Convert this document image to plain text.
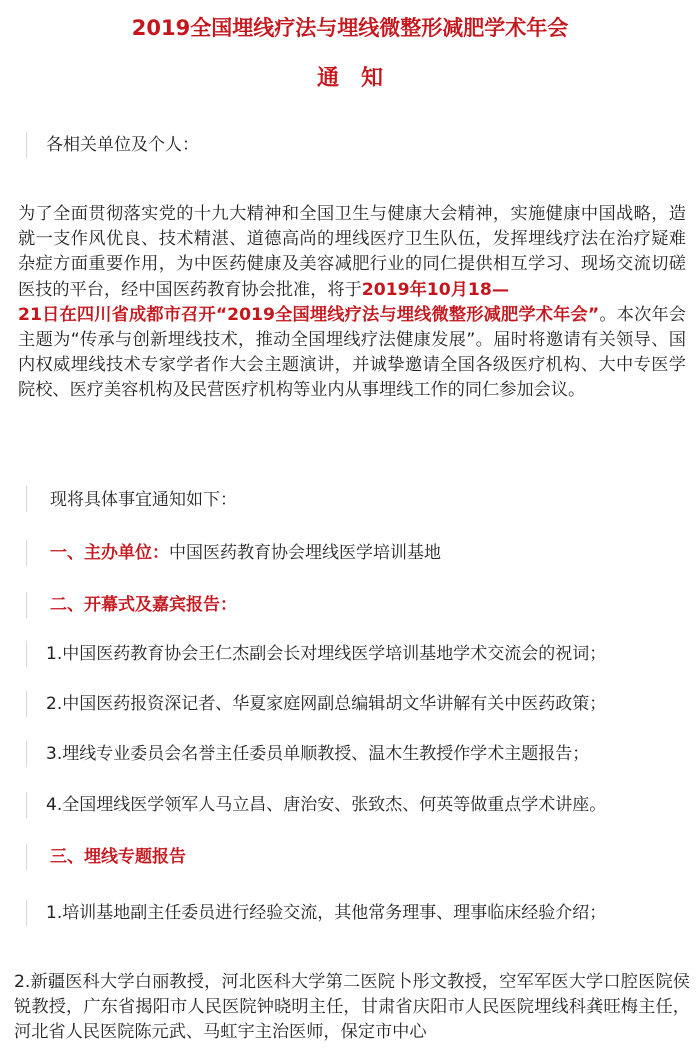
2019全国埋线疗法与埋线微整形减肥学术年会
通知
各相关单位及个人：
为了全面贯彻落实党的十九大精神和全国卫生与健康大会精神，实施健康中国战略，造就一支作风优良、技术精湛、道德高尚的埋线医疗卫生队伍，发挥埋线疗法在治疗疑难杂症方面重要作用，为中医药健康及美容减肥行业的同仁提供相互学习、现场交流切磋医技的平台，经中国医药教育协会批准，将于2019年10月18—
21日在四川省成都市召开“2019全国埋线疗法与埋线微整形减肥学术年会”。本次年会主题为“传承与创新埋线技术，推动全国埋线疗法健康发展”。届时将邀请有关领导、国内权威埋线技术专家学者作大会主题演讲，并诚挚邀请全国各级医疗机构、大中专医学院校、医疗美容机构及民营医疗机构等业内从事埋线工作的同仁参加会议。
现将具体事宜通知如下：
一、主办单位：中国医药教育协会埋线医学培训基地
二、开幕式及嘉宾报告：
1.中国医药教育协会王仁杰副会长对埋线医学培训基地学术交流会的祝词；
2.中国医药报资深记者、华夏家庭网副总编辑胡文华讲解有关中医药政策；
3.埋线专业委员会名誉主任委员单顺教授、温木生教授作学术主题报告；
4.全国埋线医学领军人马立昌、唐治安、张致杰、何英等做重点学术讲座。
三、埋线专题报告
1.培训基地副主任委员进行经验交流，其他常务理事、理事临床经验介绍；
2.新疆医科大学白丽教授，河北医科大学第二医院卜彤文教授，空军军医大学口腔医院侯锐教授，广东省揭阳市人民医院钟晓明主任，甘肃省庆阳市人民医院埋线科龚旺梅主任，河北省人民医院陈元武、马虹宇主治医师，保定市中心
